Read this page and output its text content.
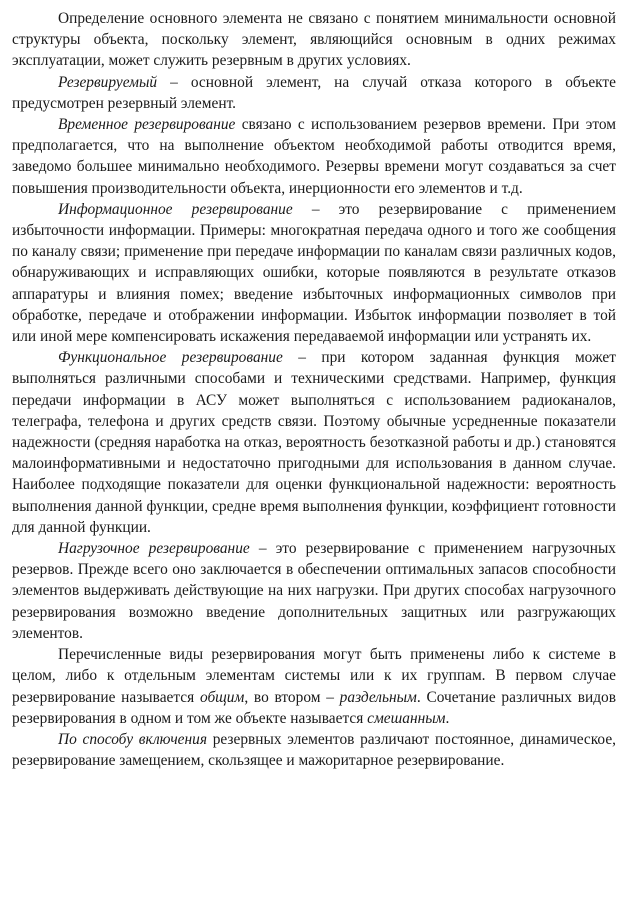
Определение основного элемента не связано с понятием минимальности основной структуры объекта, поскольку элемент, являющийся основным в одних режимах эксплуатации, может служить резервным в других условиях.

Резервируемый – основной элемент, на случай отказа которого в объекте предусмотрен резервный элемент.

Временное резервирование связано с использованием резервов времени. При этом предполагается, что на выполнение объектом необходимой работы отводится время, заведомо большее минимально необходимого. Резервы времени могут создаваться за счет повышения производительности объекта, инерционности его элементов и т.д.

Информационное резервирование – это резервирование с применением избыточности информации. Примеры: многократная передача одного и того же сообщения по каналу связи; применение при передаче информации по каналам связи различных кодов, обнаруживающих и исправляющих ошибки, которые появляются в результате отказов аппаратуры и влияния помех; введение избыточных информационных символов при обработке, передаче и отображении информации. Избыток информации позволяет в той или иной мере компенсировать искажения передаваемой информации или устранять их.

Функциональное резервирование – при котором заданная функция может выполняться различными способами и техническими средствами. Например, функция передачи информации в АСУ может выполняться с использованием радиоканалов, телеграфа, телефона и других средств связи. Поэтому обычные усредненные показатели надежности (средняя наработка на отказ, вероятность безотказной работы и др.) становятся малоинформативными и недостаточно пригодными для использования в данном случае. Наиболее подходящие показатели для оценки функциональной надежности: вероятность выполнения данной функции, средне время выполнения функции, коэффициент готовности для данной функции.

Нагрузочное резервирование – это резервирование с применением нагрузочных резервов. Прежде всего оно заключается в обеспечении оптимальных запасов способности элементов выдерживать действующие на них нагрузки. При других способах нагрузочного резервирования возможно введение дополнительных защитных или разгружающих элементов.

Перечисленные виды резервирования могут быть применены либо к системе в целом, либо к отдельным элементам системы или к их группам. В первом случае резервирование называется общим, во втором – раздельным. Сочетание различных видов резервирования в одном и том же объекте называется смешанным.

По способу включения резервных элементов различают постоянное, динамическое, резервирование замещением, скользящее и мажоритарное резервирование.
